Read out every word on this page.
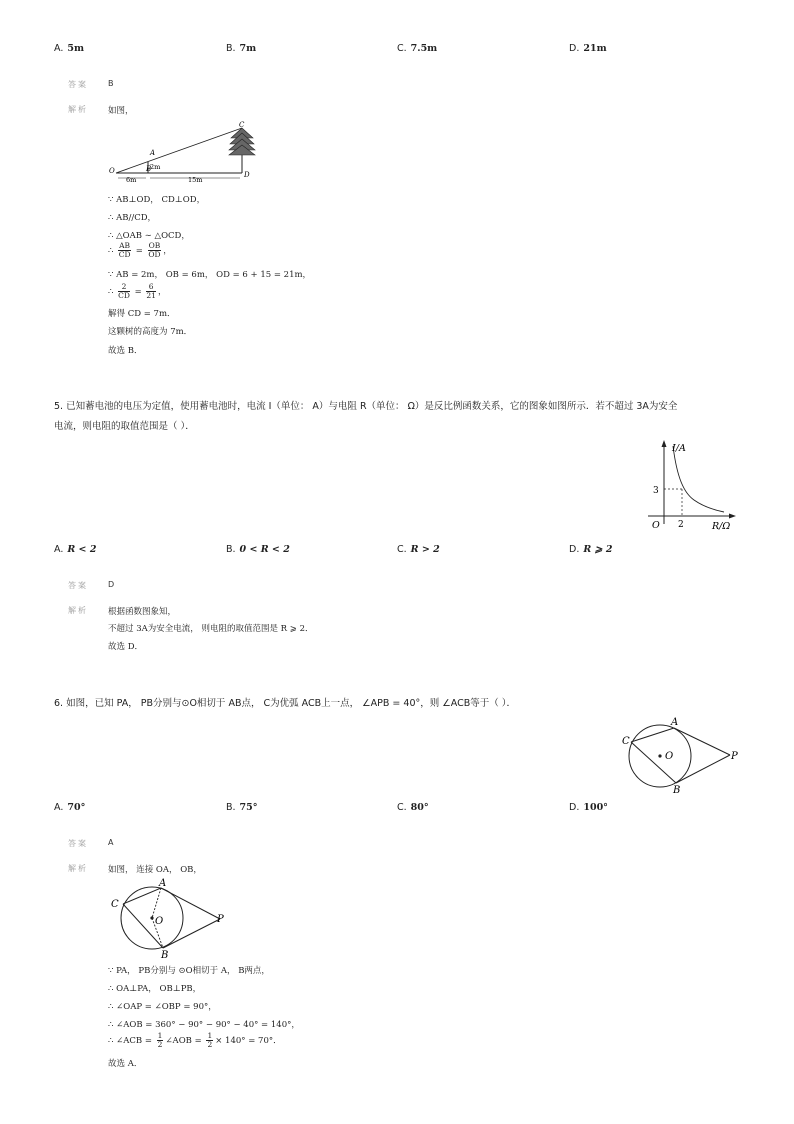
A. 5m	B. 7m	C. 7.5m	D. 21m
答案	B
解析 如图，
C
A
O	B
D
2m
6m	15m
∵ AB⊥OD， CD⊥OD，
∴ AB//CD，
∴ △OAB ∼ △OCD，
∴ $\frac{AB}{CD} = \frac{OB}{OD}$ ，
∵ AB = 2m， OB = 6m， OD = 6 + 15 = 21m，
∴ $\frac{2}{CD} = \frac{6}{21}$ ，
解得 CD = 7m．
这颗树的高度为 7m．
故选 B．
5. 已知蓄电池的电压为定值，使用蓄电池时，电流 I（单位： A）与电阻 R（单位： Ω）是反比例函数关系，它的图象如图所示．若不超过 3A为安全
电流，则电阻的取值范围是（ ）．
I/A
R/Ω
O
3
2
A. R < 2	B. 0 < R < 2	C. R > 2	D. R ⩾ 2
答案	D
解析 根据函数图象知，
不超过 3A为安全电流， 则电阻的取值范围是 R ⩾ 2．
故选 D．
6. 如图，已知 PA， PB分别与⊙O相切于 AB点， C为优弧 ACB上一点， ∠APB = 40°，则 ∠ACB等于（ ）．
A
C
O	P
B
A. 70°	B. 75°	C. 80°	D. 100°
答案	A
解析 如图， 连接 OA， OB，
A
C
O	P
B
∵ PA， PB分别与 ⊙O相切于 A， B两点，
∴ OA⊥PA， OB⊥PB，
∴ ∠OAP = ∠OBP = 90°，
∴ ∠AOB = 360° − 90° − 90° − 40° = 140°，
∴ ∠ACB = $\frac{1}{2}$ ∠AOB = $\frac{1}{2} \times 140^\circ = 70^\circ$．
故选 A．
